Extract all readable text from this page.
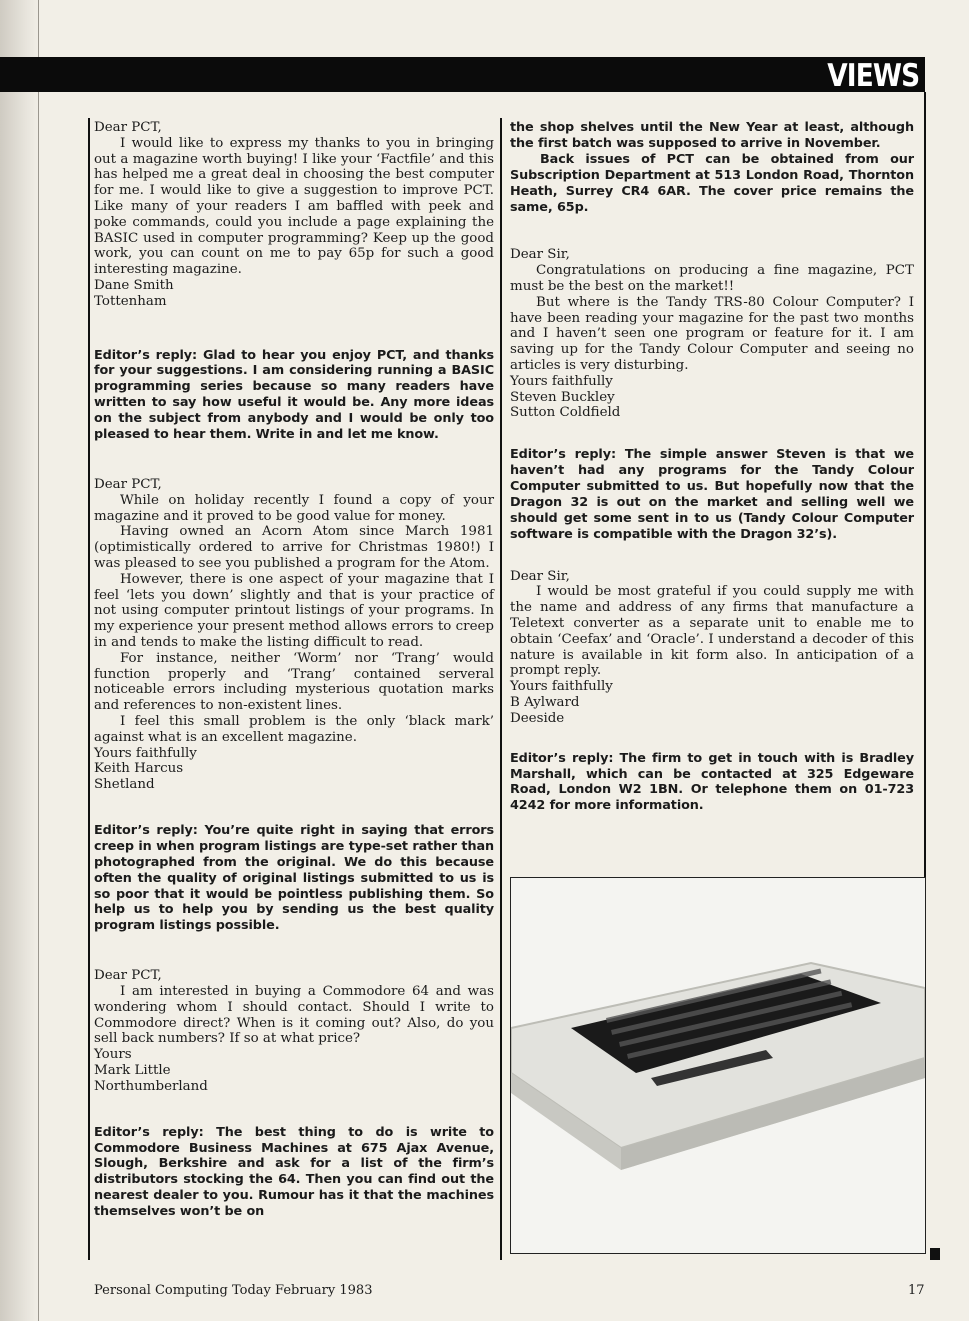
VIEWS

Dear PCT,

I would like to express my thanks to you in bringing out a magazine worth buying! I like your ‘Factfile’ and this has helped me a great deal in choosing the best computer for me. I would like to give a suggestion to improve PCT. Like many of your readers I am baffled with peek and poke commands, could you include a page explaining the BASIC used in computer programming? Keep up the good work, you can count on me to pay 65p for such a good interesting magazine.

Dane Smith

Tottenham

Editor’s reply: Glad to hear you enjoy PCT, and thanks for your suggestions. I am considering running a BASIC programming series because so many readers have written to say how useful it would be. Any more ideas on the subject from anybody and I would be only too pleased to hear them. Write in and let me know.

Dear PCT,

While on holiday recently I found a copy of your magazine and it proved to be good value for money.

Having owned an Acorn Atom since March 1981 (optimistically ordered to arrive for Christmas 1980!) I was pleased to see you published a program for the Atom.

However, there is one aspect of your magazine that I feel ‘lets you down’ slightly and that is your practice of not using computer printout listings of your programs. In my experience your present method allows errors to creep in and tends to make the listing difficult to read.

For instance, neither ‘Worm’ nor ‘Trang’ would function properly and ‘Trang’ contained serveral noticeable errors including mysterious quotation marks and references to non-existent lines.

I feel this small problem is the only ‘black mark’ against what is an excellent magazine.

Yours faithfully

Keith Harcus

Shetland

Editor’s reply: You’re quite right in saying that errors creep in when program listings are type-set rather than photographed from the original. We do this because often the quality of original listings submitted to us is so poor that it would be pointless publishing them. So help us to help you by sending us the best quality program listings possible.

Dear PCT,

I am interested in buying a Commodore 64 and was wondering whom I should contact. Should I write to Commodore direct? When is it coming out? Also, do you sell back numbers? If so at what price?

Yours

Mark Little

Northumberland

Editor’s reply: The best thing to do is write to Commodore Business Machines at 675 Ajax Avenue, Slough, Berkshire and ask for a list of the firm’s distributors stocking the 64. Then you can find out the nearest dealer to you. Rumour has it that the machines themselves won’t be on

the shop shelves until the New Year at least, although the first batch was supposed to arrive in November.

Back issues of PCT can be obtained from our Subscription Department at 513 London Road, Thornton Heath, Surrey CR4 6AR. The cover price remains the same, 65p.

Dear Sir,

Congratulations on producing a fine magazine, PCT must be the best on the market!!

But where is the Tandy TRS-80 Colour Computer? I have been reading your magazine for the past two months and I haven’t seen one program or feature for it. I am saving up for the Tandy Colour Computer and seeing no articles is very disturbing.

Yours faithfully

Steven Buckley

Sutton Coldfield

Editor’s reply: The simple answer Steven is that we haven’t had any programs for the Tandy Colour Computer submitted to us. But hopefully now that the Dragon 32 is out on the market and selling well we should get some sent in to us (Tandy Colour Computer software is compatible with the Dragon 32’s).

Dear Sir,

I would be most grateful if you could supply me with the name and address of any firms that manufacture a Teletext converter as a separate unit to enable me to obtain ‘Ceefax’ and ‘Oracle’. I understand a decoder of this nature is available in kit form also. In anticipation of a prompt reply.

Yours faithfully

B Aylward

Deeside

Editor’s reply: The firm to get in touch with is Bradley Marshall, which can be contacted at 325 Edgeware Road, London W2 1BN. Or telephone them on 01-723 4242 for more information.

Personal Computing Today February 1983	17
